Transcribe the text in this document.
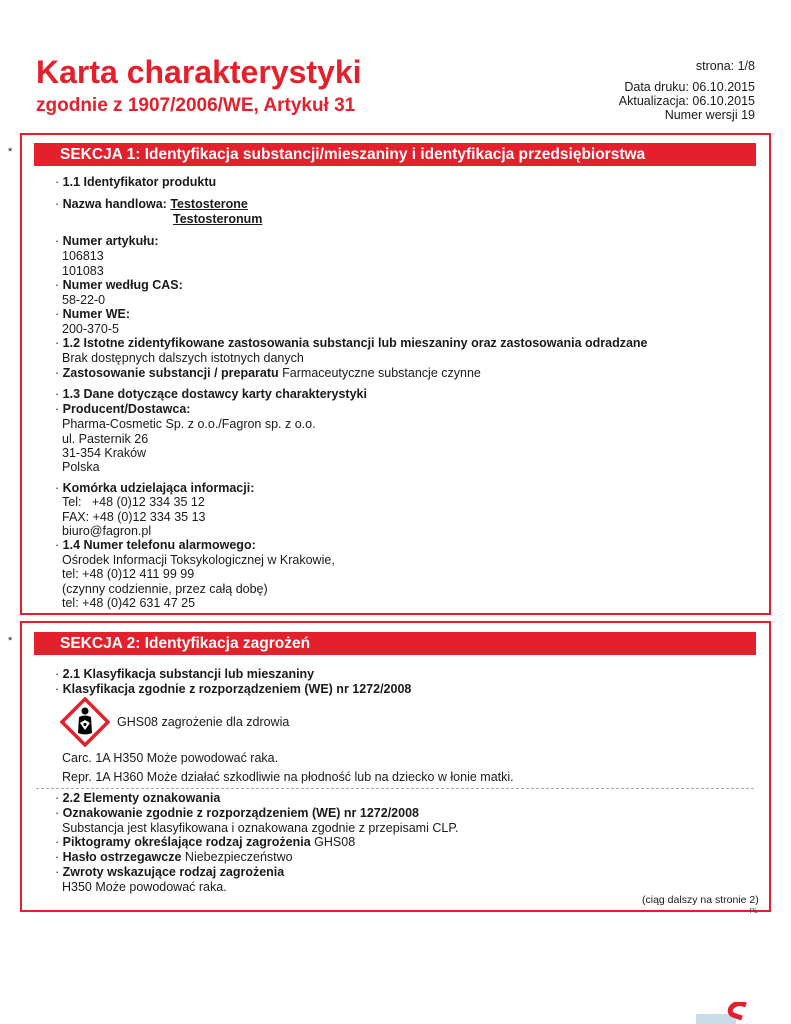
Karta charakterystyki
zgodnie z 1907/2006/WE, Artykuł 31
strona: 1/8
Data druku: 06.10.2015
Aktualizacja: 06.10.2015
Numer wersji 19
*	SEKCJA 1: Identyfikacja substancji/mieszaniny i identyfikacja przedsiębiorstwa
· 1.1 Identyfikator produktu
· Nazwa handlowa: Testosterone
Testosteronum
· Numer artykułu:
106813
101083
· Numer według CAS:
58-22-0
· Numer WE:
200-370-5
· 1.2 Istotne zidentyfikowane zastosowania substancji lub mieszaniny oraz zastosowania odradzane
Brak dostępnych dalszych istotnych danych
· Zastosowanie substancji / preparatu Farmaceutyczne substancje czynne
· 1.3 Dane dotyczące dostawcy karty charakterystyki
· Producent/Dostawca:
Pharma-Cosmetic Sp. z o.o./Fagron sp. z o.o.
ul. Pasternik 26
31-354 Kraków
Polska
· Komórka udzielająca informacji:
Tel:   +48 (0)12 334 35 12
FAX: +48 (0)12 334 35 13
biuro@fagron.pl
· 1.4 Numer telefonu alarmowego:
Ośrodek Informacji Toksykologicznej w Krakowie,
tel: +48 (0)12 411 99 99
(czynny codziennie, przez całą dobę)
tel: +48 (0)42 631 47 25
*	SEKCJA 2: Identyfikacja zagrożeń
· 2.1 Klasyfikacja substancji lub mieszaniny
· Klasyfikacja zgodnie z rozporządzeniem (WE) nr 1272/2008
GHS08 zagrożenie dla zdrowia
Carc. 1A H350 Może powodować raka.
Repr. 1A H360 Może działać szkodliwie na płodność lub na dziecko w łonie matki.
· 2.2 Elementy oznakowania
· Oznakowanie zgodnie z rozporządzeniem (WE) nr 1272/2008
Substancja jest klasyfikowana i oznakowana zgodnie z przepisami CLP.
· Piktogramy określające rodzaj zagrożenia GHS08
· Hasło ostrzegawcze Niebezpieczeństwo
· Zwroty wskazujące rodzaj zagrożenia
H350 Może powodować raka.
(ciąg dalszy na stronie 2)
PL
